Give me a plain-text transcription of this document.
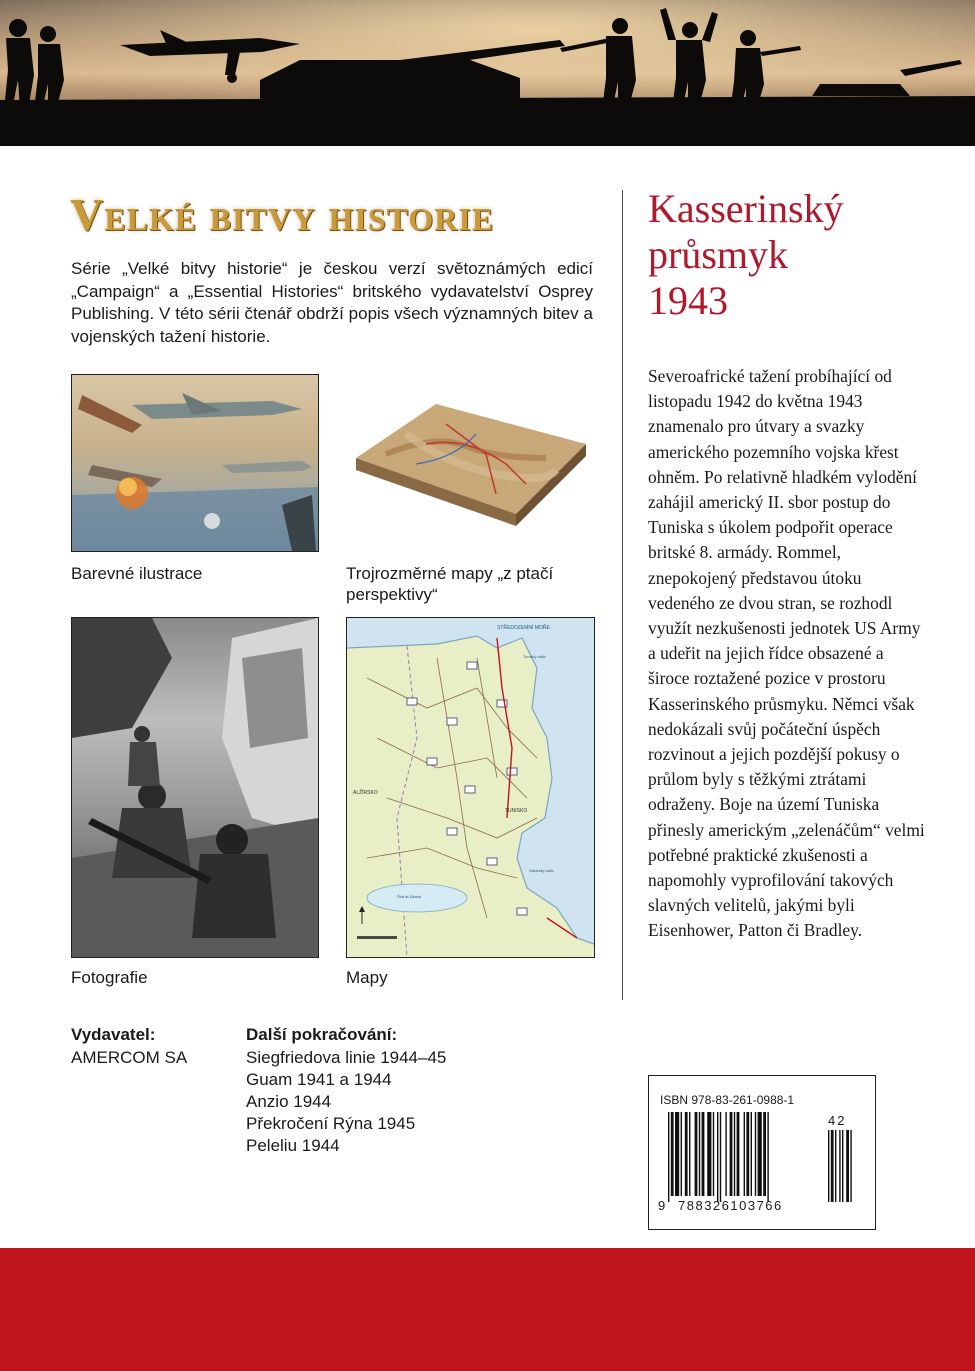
Velké bitvy historie

Série „Velké bitvy historie“ je českou verzí světoznámých edicí „Campaign“ a „Essential Histories“ britského vydavatelství Osprey Publishing. V této sérii čtenář obdrží popis všech významných bitev a vojenských tažení historie.

Barevné ilustrace	Trojrozměrné mapy „z ptačí perspektivy“
Fotografie
STŘEDOZEMNÍ MOŘE
ALŽÍRSKO
TUNISKO
Tuniský záliv
Gabéský záliv
Šott al-Džarid
Mapy
Kasserinský
průsmyk
1943

Severoafrické tažení probíhající od listopadu 1942 do května 1943 znamenalo pro útvary a svazky amerického pozemního vojska křest ohněm. Po relativně hladkém vylodění zahájil americký II. sbor postup do Tuniska s úkolem podpořit operace britské 8. armády. Rommel, znepokojený představou útoku vedeného ze dvou stran, se rozhodl využít nezkušenosti jednotek US Army a udeřit na jejich řídce obsazené a široce roztažené pozice v prostoru Kasserinského průsmyku. Němci však nedokázali svůj počáteční úspěch rozvinout a jejich pozdější pokusy o průlom byly s těžkými ztrátami odraženy. Boje na území Tuniska přinesly americkým „zelenáčům“ velmi potřebné praktické zkušenosti a napomohly vyprofilování takových slavných velitelů, jakými byli Eisenhower, Patton či Bradley.

Vydavatel:
AMERCOM SA
Další pokračování:
Siegfriedova linie 1944–45
Guam 1941 a 1944
Anzio 1944
Překročení Rýna 1945
Peleliu 1944
ISBN 978-83-261-0988-1
9 788326103766
42
